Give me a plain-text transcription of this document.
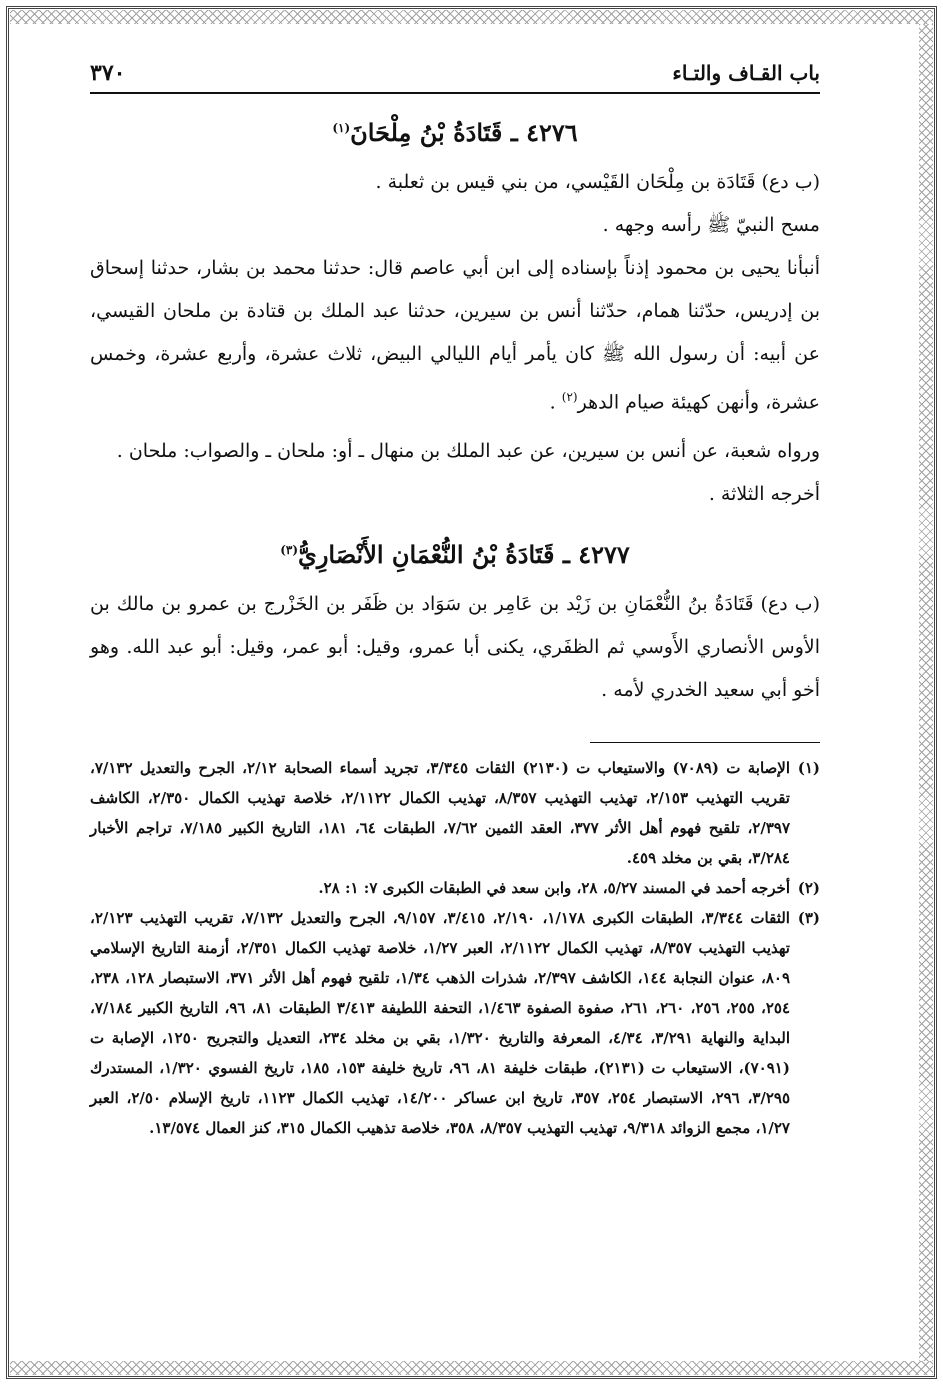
باب القـاف والتـاء
٣٧٠
٤٢٧٦ ـ قَتَادَةُ بْنُ مِلْحَانَ$^{(١)}$

(ب دع) قَتَادَة بن مِلْحَان القَيْسي، من بني قيس بن ثعلبة .

مسح النبيّ ﷺ رأسه وجهه .

أنبأنا يحيى بن محمود إذناً بإسناده إلى ابن أبي عاصم قال: حدثنا محمد بن بشار، حدثنا إسحاق بن إدريس، حدّثنا همام، حدّثنا أنس بن سيرين، حدثنا عبد الملك بن قتادة بن ملحان القيسي، عن أبيه: أن رسول الله ﷺ كان يأمر أيام الليالي البيض، ثلاث عشرة، وأربع عشرة، وخمس عشرة، وأنهن كهيئة صيام الدهر$^{(٢)}$ .

ورواه شعبة، عن أنس بن سيرين، عن عبد الملك بن منهال ـ أو: ملحان ـ والصواب: ملحان .

أخرجه الثلاثة .

٤٢٧٧ ـ قَتَادَةُ بْنُ النُّعْمَانِ الأَنْصَارِيُّ$^{(٣)}$

(ب دع) قَتَادَةُ بنُ النُّعْمَانِ بن زَيْد بن عَامِر بن سَوَاد بن ظَفَر بن الخَزْرج بن عمرو بن مالك بن الأوس الأنصاري الأَوسي ثم الظفَري، يكنى أبا عمرو، وقيل: أبو عمر، وقيل: أبو عبد الله. وهو أخو أبي سعيد الخدري لأمه .

(١)
الإصابة ت (٧٠٨٩) والاستيعاب ت (٢١٣٠) الثقات ٣/٣٤٥، تجريد أسماء الصحابة ٢/١٢، الجرح والتعديل ٧/١٣٢، تقريب التهذيب ٢/١٥٣، تهذيب التهذيب ٨/٣٥٧، تهذيب الكمال ٢/١١٢٢، خلاصة تهذيب الكمال ٢/٣٥٠، الكاشف ٢/٣٩٧، تلقيح فهوم أهل الأثر ٣٧٧، العقد الثمين ٧/٦٢، الطبقات ٦٤، ١٨١، التاريخ الكبير ٧/١٨٥، تراجم الأخبار ٣/٢٨٤، بقي بن مخلد ٤٥٩.
(٢)
أخرجه أحمد في المسند ٥/٢٧، ٢٨، وابن سعد في الطبقات الكبرى ٧: ١: ٢٨.
(٣)
الثقات ٣/٣٤٤، الطبقات الكبرى ١/١٧٨، ٢/١٩٠، ٣/٤١٥، ٩/١٥٧، الجرح والتعديل ٧/١٣٢، تقريب التهذيب ٢/١٢٣، تهذيب التهذيب ٨/٣٥٧، تهذيب الكمال ٢/١١٢٢، العبر ١/٢٧، خلاصة تهذيب الكمال ٢/٣٥١، أزمنة التاريخ الإسلامي ٨٠٩، عنوان النجابة ١٤٤، الكاشف ٢/٣٩٧، شذرات الذهب ١/٣٤، تلقيح فهوم أهل الأثر ٣٧١، الاستبصار ١٢٨، ٢٣٨، ٢٥٤، ٢٥٥، ٢٥٦، ٢٦٠، ٢٦١، صفوة الصفوة ١/٤٦٣، التحفة اللطيفة ٣/٤١٣ الطبقات ٨١، ٩٦، التاريخ الكبير ٧/١٨٤، البداية والنهاية ٣/٢٩١، ٤/٣٤، المعرفة والتاريخ ١/٣٢٠، بقي بن مخلد ٢٣٤، التعديل والتجريح ١٢٥٠، الإصابة ت (٧٠٩١)، الاستيعاب ت (٢١٣١)، طبقات خليفة ٨١، ٩٦، تاريخ خليفة ١٥٣، ١٨٥، تاريخ الفسوي ١/٣٢٠، المستدرك ٣/٢٩٥، ٢٩٦، الاستبصار ٢٥٤، ٣٥٧، تاريخ ابن عساكر ١٤/٢٠٠، تهذيب الكمال ١١٢٣، تاريخ الإسلام ٢/٥٠، العبر ١/٢٧، مجمع الزوائد ٩/٣١٨، تهذيب التهذيب ٨/٣٥٧، ٣٥٨، خلاصة تذهيب الكمال ٣١٥، كنز العمال ١٣/٥٧٤.
